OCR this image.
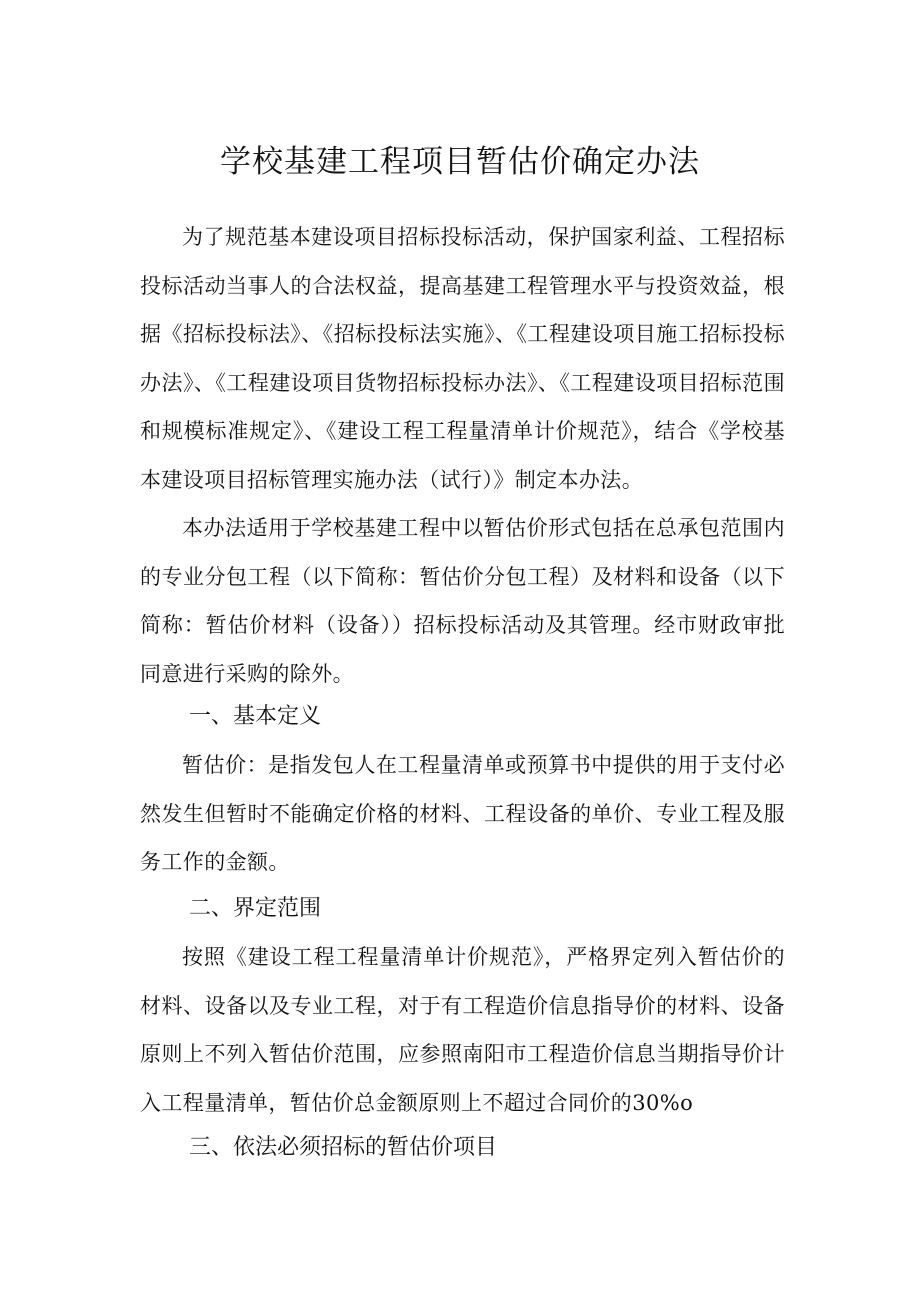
学校基建工程项目暂估价确定办法

为了规范基本建设项目招标投标活动，保护国家利益、工程招标投标活动当事人的合法权益，提高基建工程管理水平与投资效益，根据《招标投标法》、《招标投标法实施》、《工程建设项目施工招标投标办法》、《工程建设项目货物招标投标办法》、《工程建设项目招标范围和规模标准规定》、《建设工程工程量清单计价规范》，结合《学校基本建设项目招标管理实施办法（试行）》制定本办法。

本办法适用于学校基建工程中以暂估价形式包括在总承包范围内的专业分包工程（以下简称：暂估价分包工程）及材料和设备（以下简称：暂估价材料（设备））招标投标活动及其管理。经市财政审批同意进行采购的除外。

一、基本定义

暂估价：是指发包人在工程量清单或预算书中提供的用于支付必然发生但暂时不能确定价格的材料、工程设备的单价、专业工程及服务工作的金额。

二、界定范围

按照《建设工程工程量清单计价规范》，严格界定列入暂估价的材料、设备以及专业工程，对于有工程造价信息指导价的材料、设备原则上不列入暂估价范围，应参照南阳市工程造价信息当期指导价计入工程量清单，暂估价总金额原则上不超过合同价的30%o

三、依法必须招标的暂估价项目
